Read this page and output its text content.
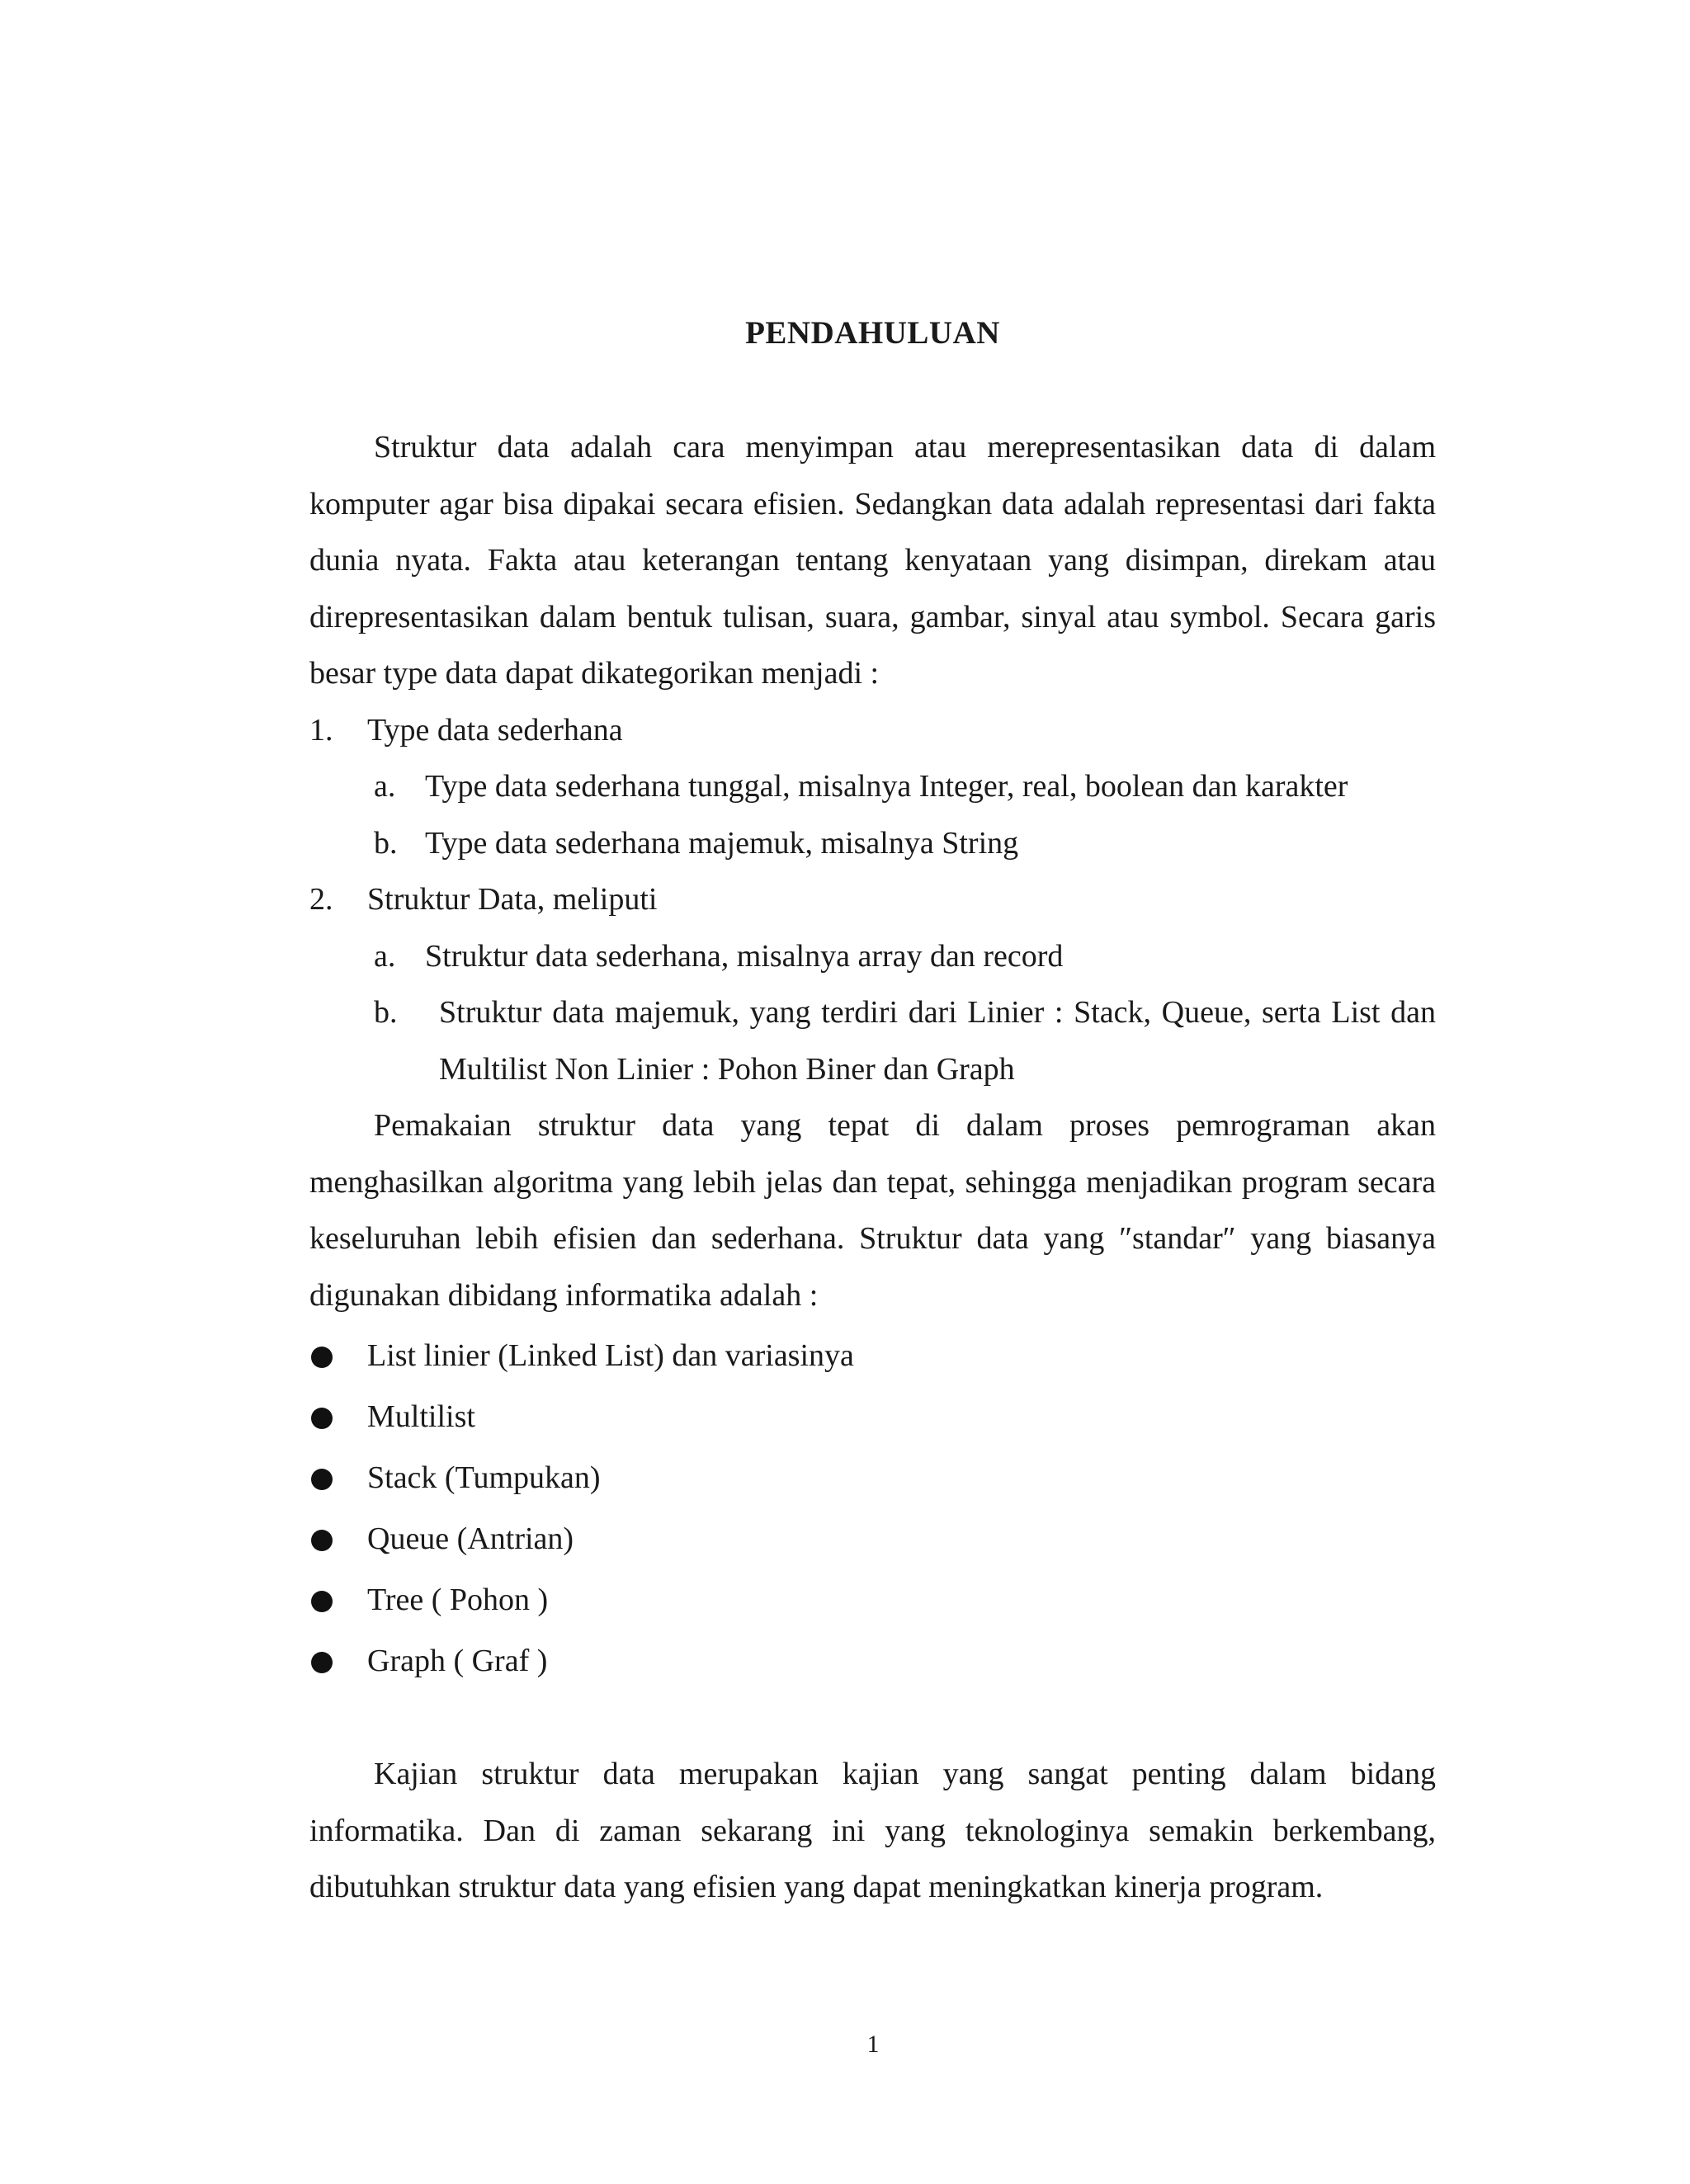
PENDAHULUAN

Struktur data adalah cara menyimpan atau merepresentasikan data di dalam komputer agar bisa dipakai secara efisien. Sedangkan data adalah representasi dari fakta dunia nyata. Fakta atau keterangan tentang kenyataan yang disimpan, direkam atau direpresentasikan dalam bentuk tulisan, suara, gambar, sinyal atau symbol. Secara garis besar type data dapat dikategorikan menjadi :

1. Type data sederhana
a. Type data sederhana tunggal, misalnya Integer, real, boolean dan karakter
b. Type data sederhana majemuk, misalnya String
2. Struktur Data, meliputi
a. Struktur data sederhana, misalnya array dan record
b. Struktur data majemuk, yang terdiri dari Linier : Stack, Queue, serta List dan Multilist Non Linier : Pohon Biner dan Graph

Pemakaian struktur data yang tepat di dalam proses pemrograman akan menghasilkan algoritma yang lebih jelas dan tepat, sehingga menjadikan program secara keseluruhan lebih efisien dan sederhana. Struktur data yang ″standar″ yang biasanya digunakan dibidang informatika adalah :

List linier (Linked List) dan variasinya
Multilist
Stack (Tumpukan)
Queue (Antrian)
Tree ( Pohon )
Graph ( Graf )

Kajian struktur data merupakan kajian yang sangat penting dalam bidang informatika. Dan di zaman sekarang ini yang teknologinya semakin berkembang, dibutuhkan struktur data yang efisien yang dapat meningkatkan kinerja program.

1
